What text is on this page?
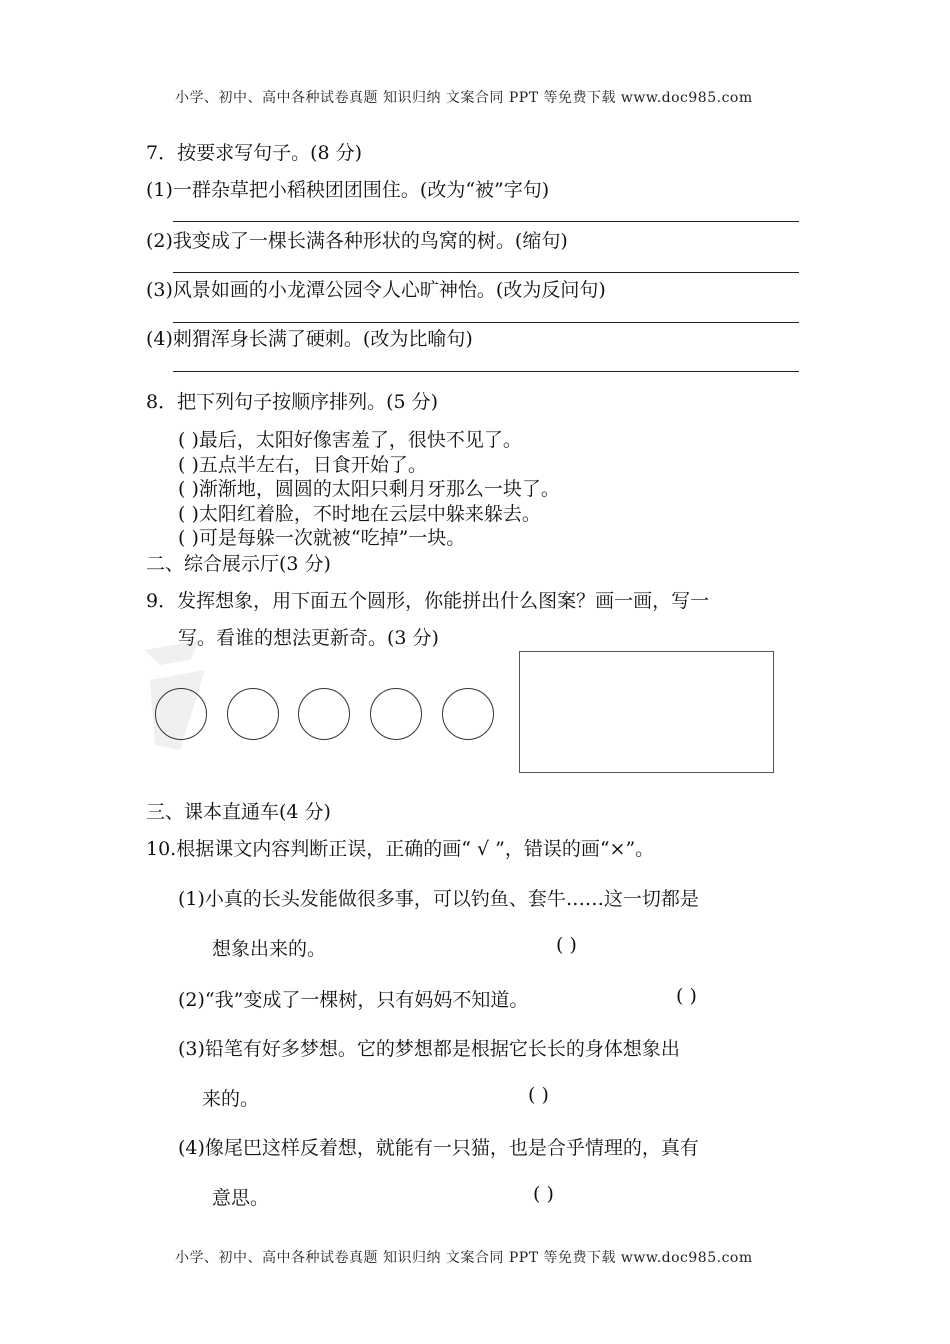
小学、初中、高中各种试卷真题 知识归纳 文案合同 PPT 等免费下载 www.doc985.com
7．按要求写句子。(8 分)
(1)一群杂草把小稻秧团团围住。(改为“被”字句)
(2)我变成了一棵长满各种形状的鸟窝的树。(缩句)
(3)风景如画的小龙潭公园令人心旷神怡。(改为反问句)
(4)刺猬浑身长满了硬刺。(改为比喻句)
8．把下列句子按顺序排列。(5 分)
( )最后，太阳好像害羞了，很快不见了。
( )五点半左右，日食开始了。
( )渐渐地，圆圆的太阳只剩月牙那么一块了。
( )太阳红着脸，不时地在云层中躲来躲去。
( )可是每躲一次就被“吃掉”一块。
二、综合展示厅(3 分)
9．发挥想象，用下面五个圆形，你能拼出什么图案？画一画，写一
写。看谁的想法更新奇。(3 分)
三、课本直通车(4 分)
10.根据课文内容判断正误，正确的画“ √ ”，错误的画“×”。
(1)小真的长头发能做很多事，可以钓鱼、套牛……这一切都是
想象出来的。	( )
(2)“我”变成了一棵树，只有妈妈不知道。	( )
(3)铅笔有好多梦想。它的梦想都是根据它长长的身体想象出
来的。	( )
(4)像尾巴这样反着想，就能有一只猫，也是合乎情理的，真有
意思。	( )
小学、初中、高中各种试卷真题 知识归纳 文案合同 PPT 等免费下载 www.doc985.com
